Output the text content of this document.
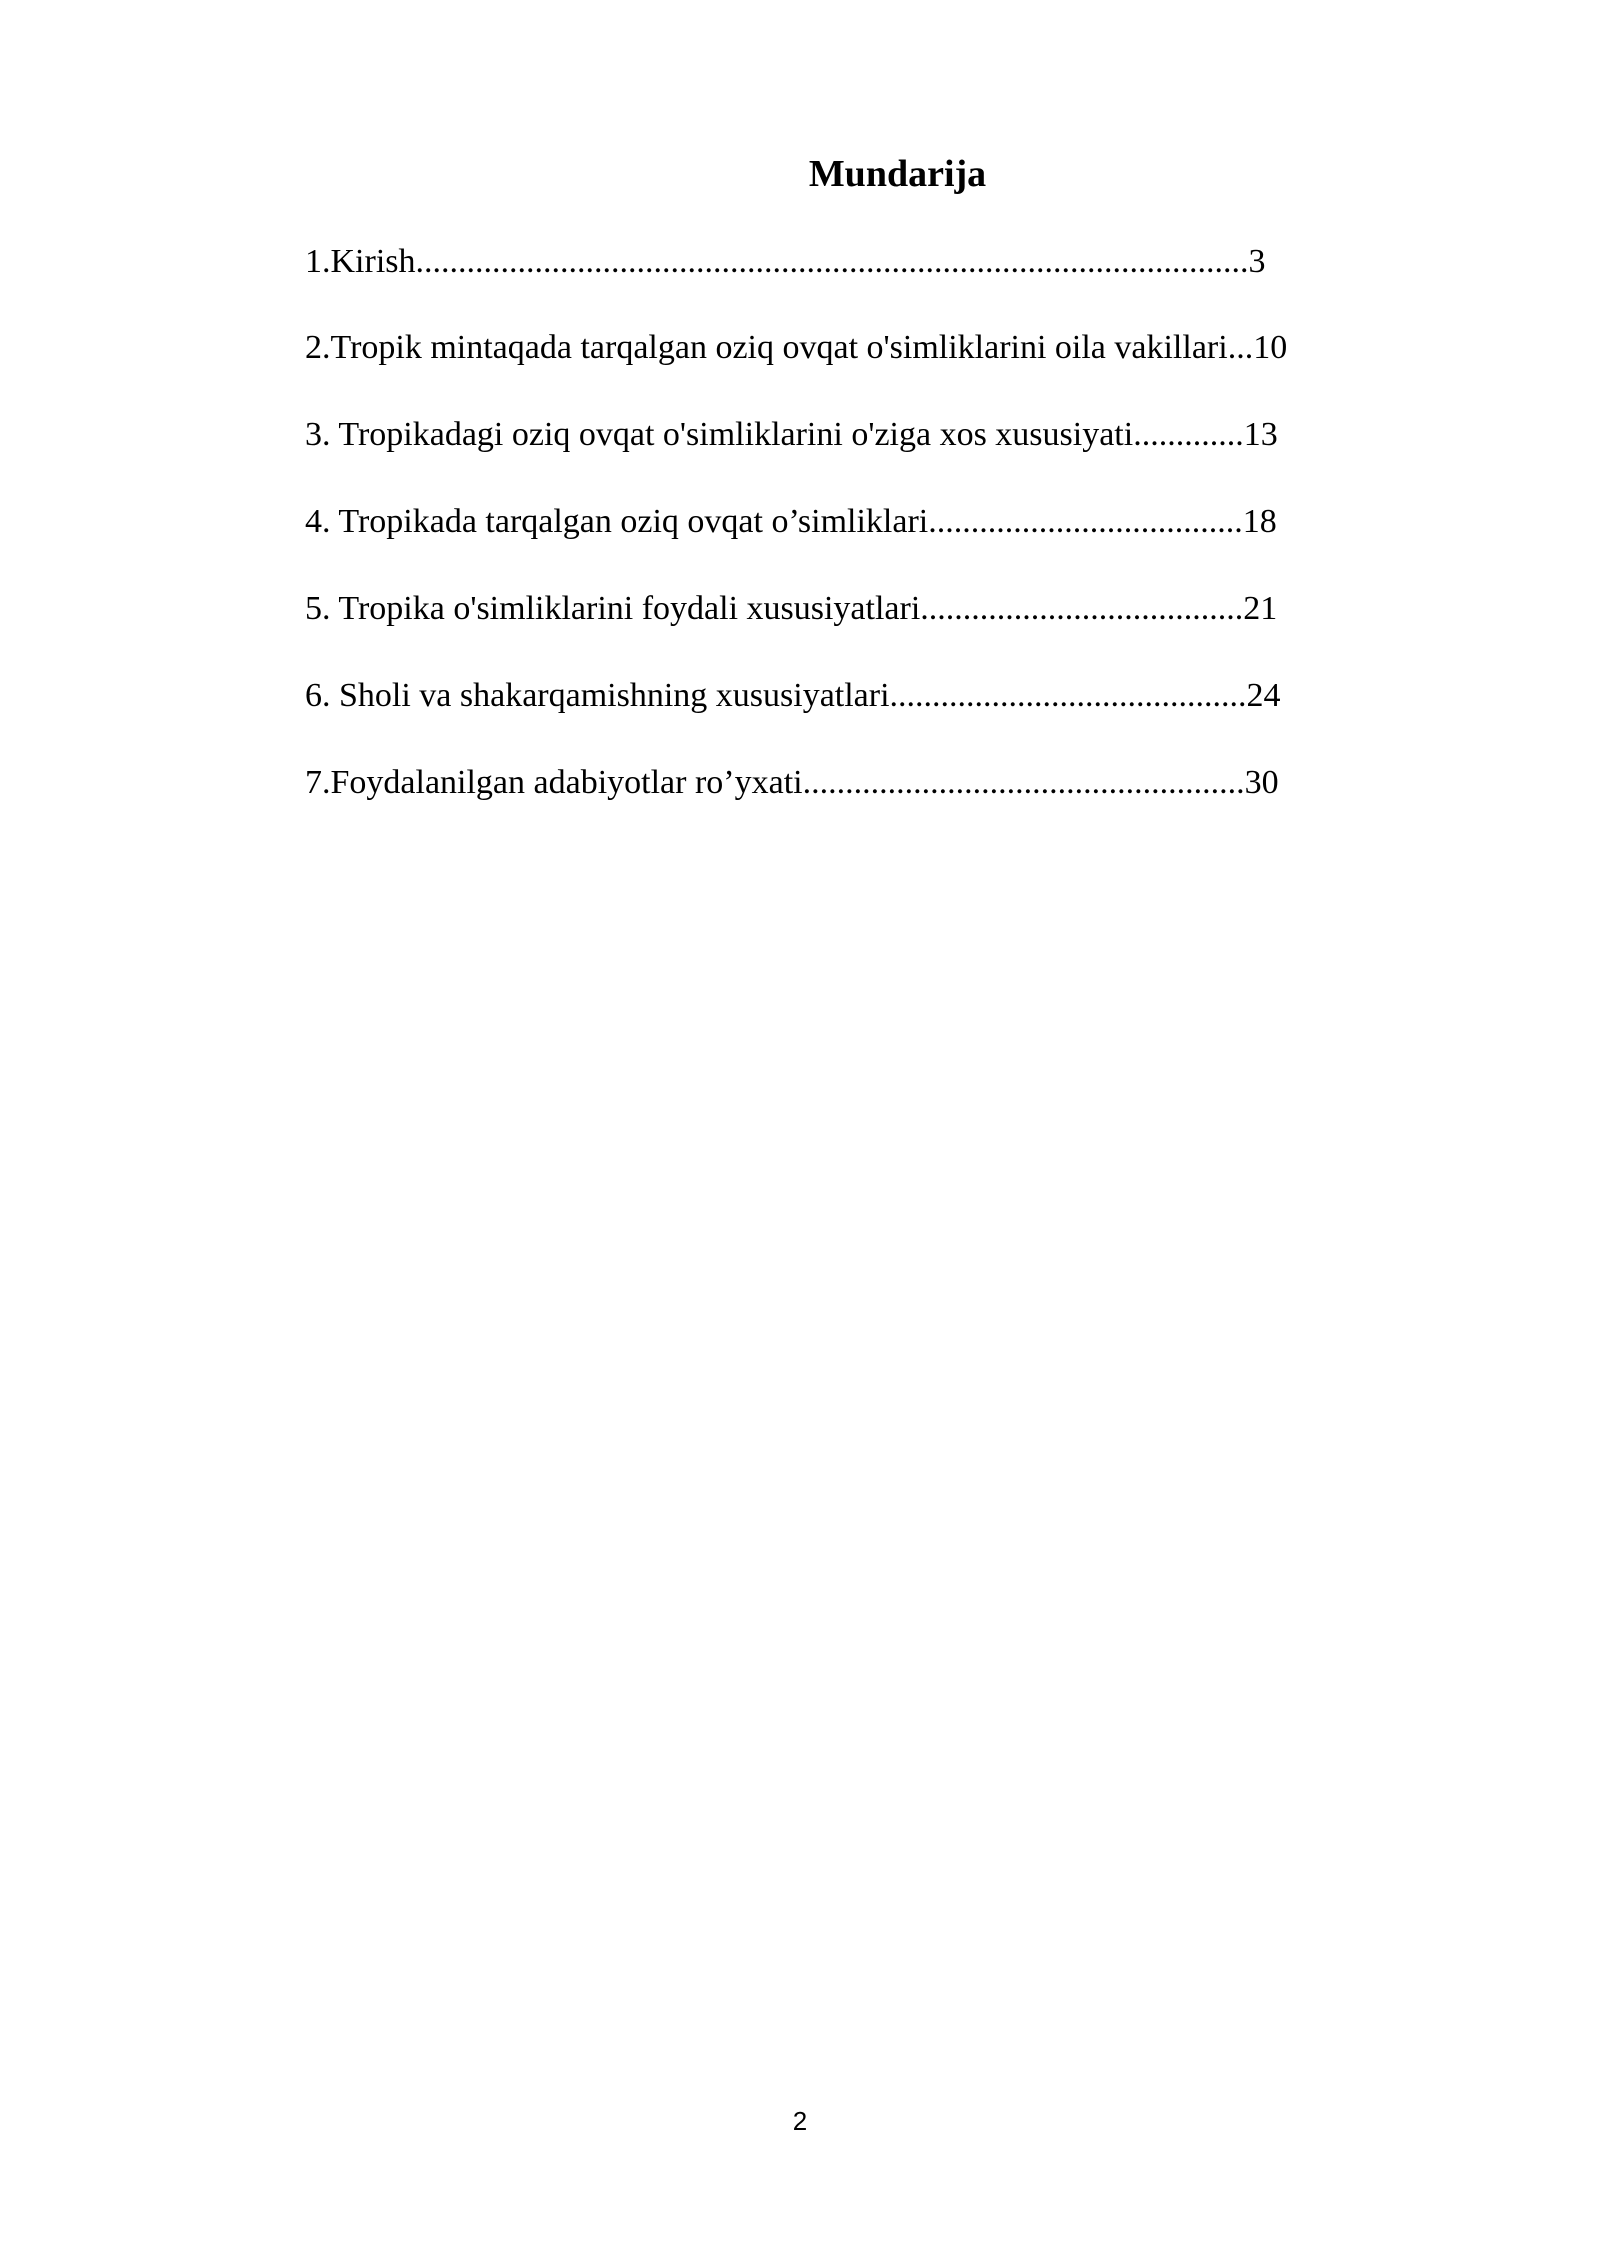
Mundarija
1.Kirish..................................................................................................3
2.Tropik mintaqada tarqalgan oziq ovqat o'simliklarini oila vakillari...10
3. Tropikadagi oziq ovqat o'simliklarini o'ziga xos xususiyati.............13
4. Tropikada tarqalgan oziq ovqat o’simliklari.....................................18
5. Tropika o'simliklarini foydali xususiyatlari......................................21
6. Sholi va shakarqamishning xususiyatlari..........................................24
7.Foydalanilgan adabiyotlar ro’yxati....................................................30
2
